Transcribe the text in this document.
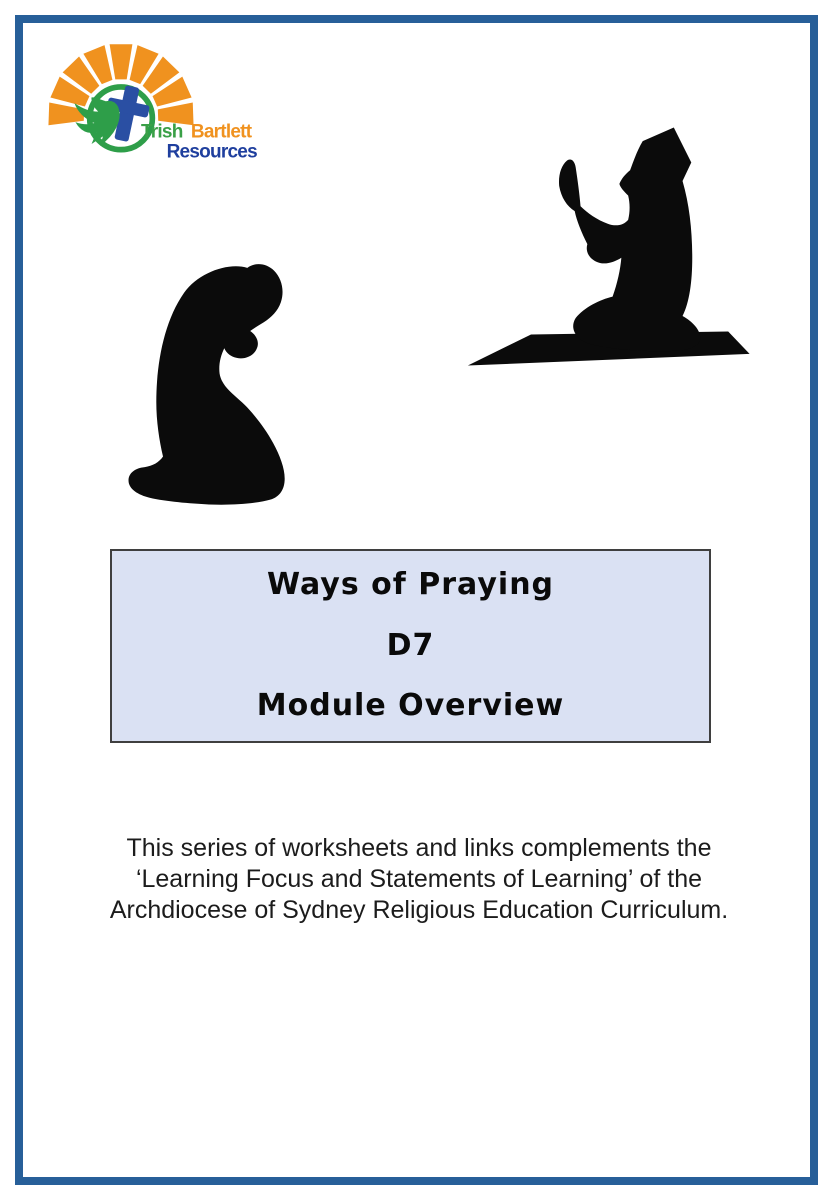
Trish Bartlett
Resources
Ways of Praying
D7
Module Overview
This series of worksheets and links complements the
‘Learning Focus and Statements of Learning’ of the
Archdiocese of Sydney Religious Education Curriculum.
